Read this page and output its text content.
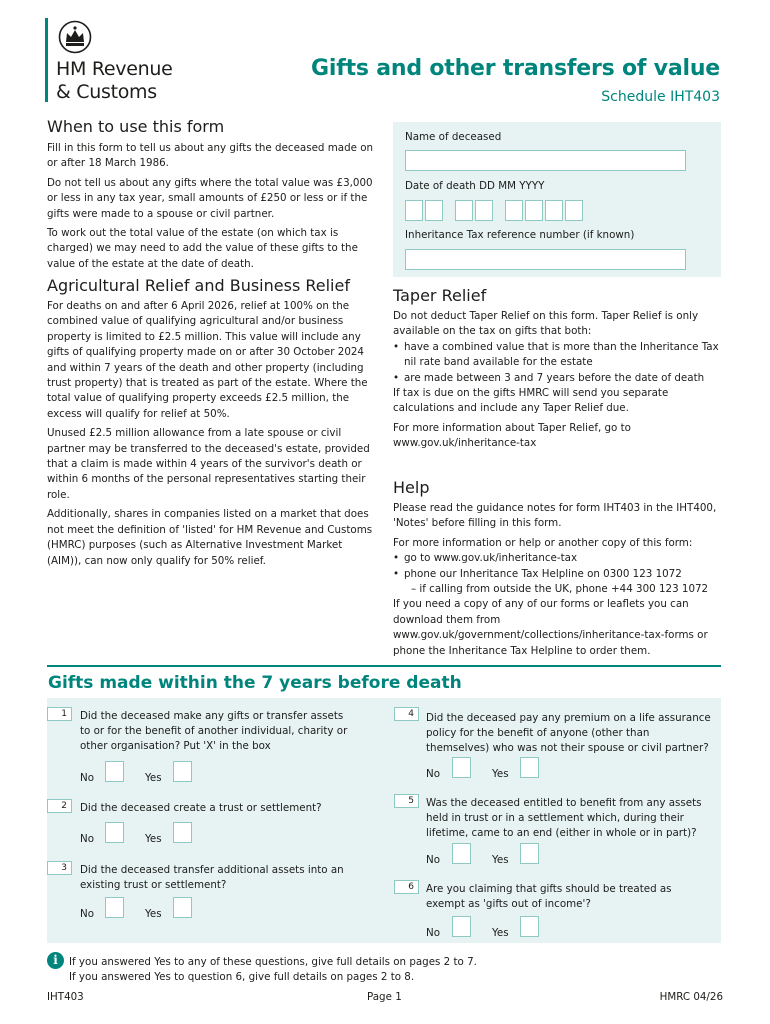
HM Revenue
& Customs
Gifts and other transfers of value
Schedule IHT403
When to use this form

Fill in this form to tell us about any gifts the deceased made on or after 18 March 1986.

Do not tell us about any gifts where the total value was £3,000 or less in any tax year, small amounts of £250 or less or if the gifts were made to a spouse or civil partner.

To work out the total value of the estate (on which tax is charged) we may need to add the value of these gifts to the value of the estate at the date of death.

Agricultural Relief and Business Relief

For deaths on and after 6 April 2026, relief at 100% on the combined value of qualifying agricultural and/or business property is limited to £2.5 million. This value will include any gifts of qualifying property made on or after 30 October 2024 and within 7 years of the death and other property (including trust property) that is treated as part of the estate. Where the total value of qualifying property exceeds £2.5 million, the excess will qualify for relief at 50%.

Unused £2.5 million allowance from a late spouse or civil partner may be transferred to the deceased's estate, provided that a claim is made within 4 years of the survivor's death or within 6 months of the personal representatives starting their role.

Additionally, shares in companies listed on a market that does not meet the definition of 'listed' for HM Revenue and Customs (HMRC) purposes (such as Alternative Investment Market (AIM)), can now only qualify for 50% relief.

Name of deceased
Date of death DD MM YYYY
Inheritance Tax reference number (if known)
Taper Relief

Do not deduct Taper Relief on this form. Taper Relief is only available on the tax on gifts that both:

• have a combined value that is more than the Inheritance Tax nil rate band available for the estate
• are made between 3 and 7 years before the date of death

If tax is due on the gifts HMRC will send you separate calculations and include any Taper Relief due.

For more information about Taper Relief, go to www.gov.uk/inheritance-tax

Help

Please read the guidance notes for form IHT403 in the IHT400, 'Notes' before filling in this form.

For more information or help or another copy of this form:

• go to www.gov.uk/inheritance-tax
• phone our Inheritance Tax Helpline on 0300 123 1072
– if calling from outside the UK, phone +44 300 123 1072

If you need a copy of any of our forms or leaflets you can download them from www.gov.uk/government/collections/inheritance-tax-forms or phone the Inheritance Tax Helpline to order them.

Gifts made within the 7 years before death
1	Did the deceased make any gifts or transfer assets to or for the benefit of another individual, charity or other organisation? Put 'X' in the box
No	Yes
2	Did the deceased create a trust or settlement?
No	Yes
3	Did the deceased transfer additional assets into an existing trust or settlement?
No	Yes
4	Did the deceased pay any premium on a life assurance policy for the benefit of anyone (other than themselves) who was not their spouse or civil partner?
No	Yes
5	Was the deceased entitled to benefit from any assets held in trust or in a settlement which, during their lifetime, came to an end (either in whole or in part)?
No	Yes
6	Are you claiming that gifts should be treated as exempt as 'gifts out of income'?
No	Yes
i	If you answered Yes to any of these questions, give full details on pages 2 to 7.
If you answered Yes to question 6, give full details on pages 2 to 8.
IHT403	Page 1	HMRC 04/26
